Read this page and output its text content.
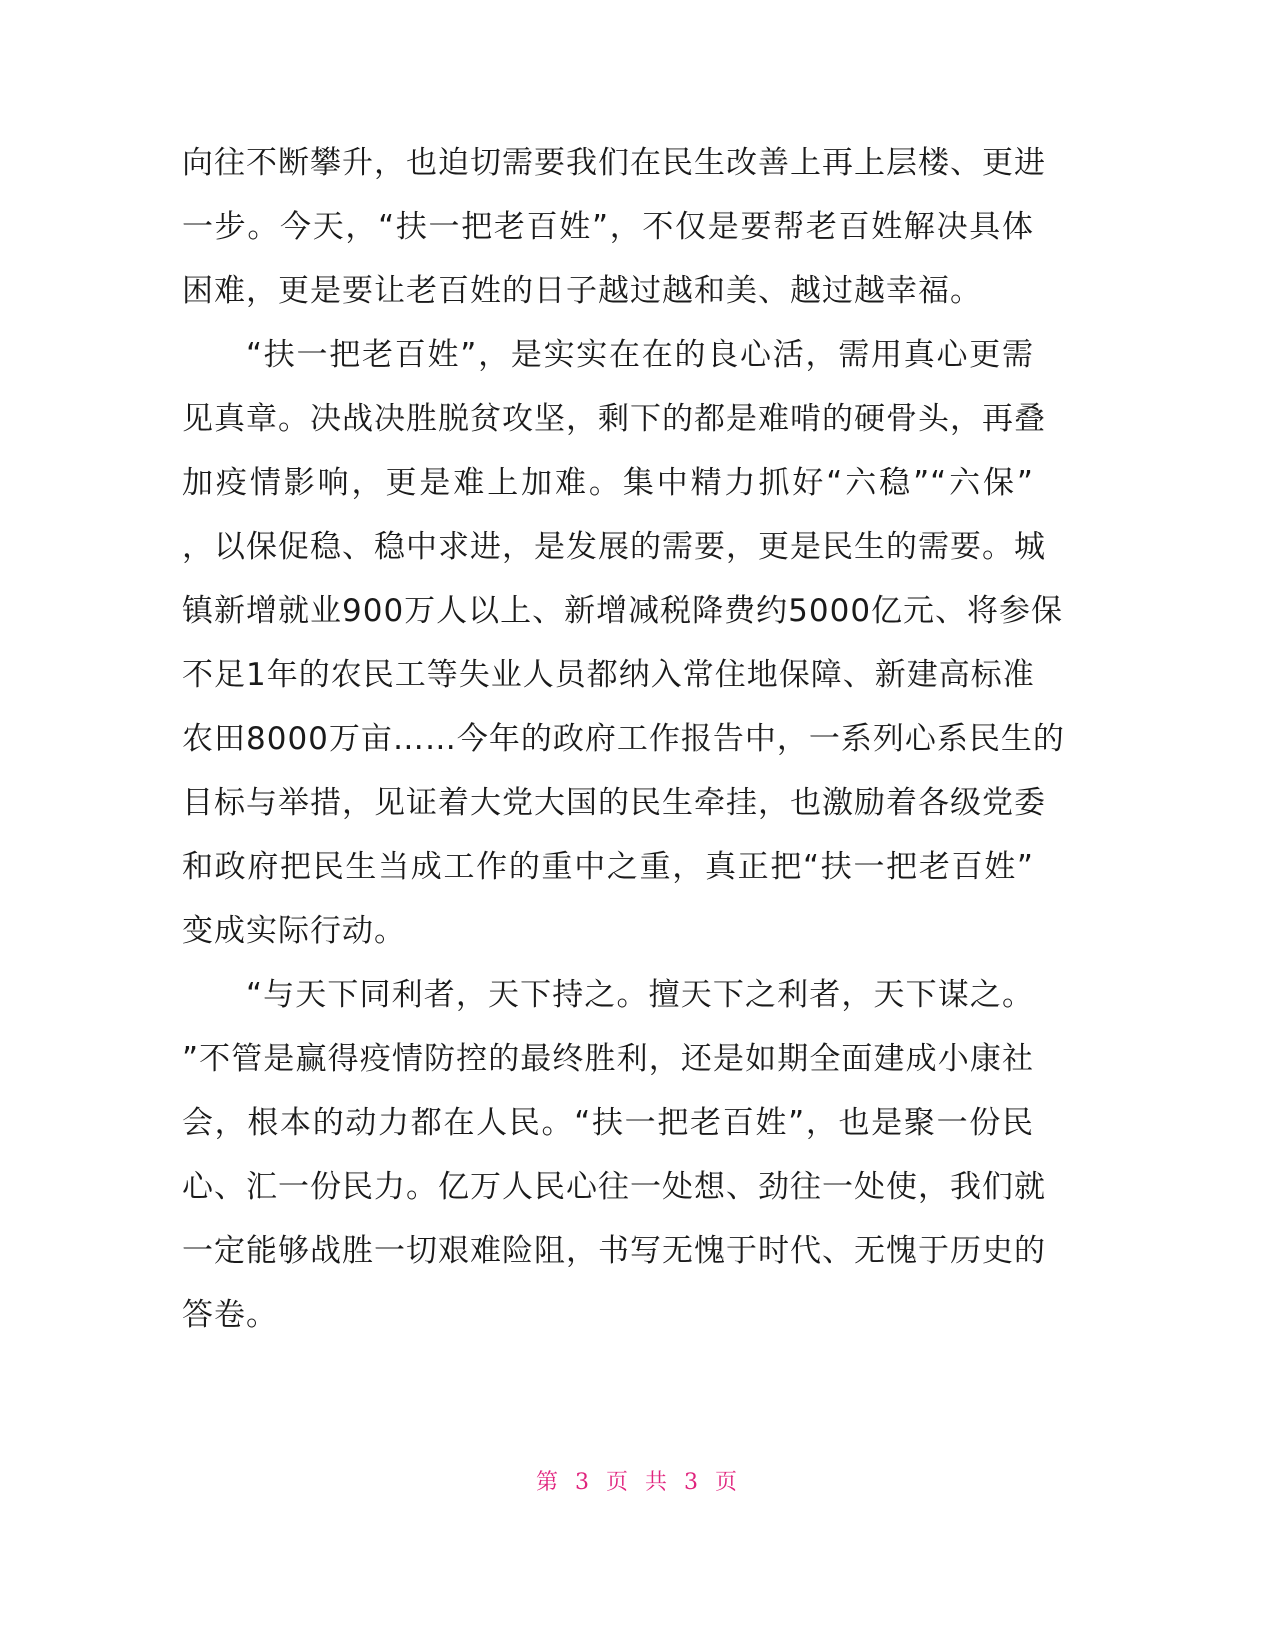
向往不断攀升，也迫切需要我们在民生改善上再上层楼、更进
一步。今天，“扶一把老百姓”，不仅是要帮老百姓解决具体
困难，更是要让老百姓的日子越过越和美、越过越幸福。
“扶一把老百姓”，是实实在在的良心活，需用真心更需
见真章。决战决胜脱贫攻坚，剩下的都是难啃的硬骨头，再叠
加疫情影响，更是难上加难。集中精力抓好“六稳”“六保”
，以保促稳、稳中求进，是发展的需要，更是民生的需要。城
镇新增就业900万人以上、新增减税降费约5000亿元、将参保
不足1年的农民工等失业人员都纳入常住地保障、新建高标准
农田8000万亩……今年的政府工作报告中，一系列心系民生的
目标与举措，见证着大党大国的民生牵挂，也激励着各级党委
和政府把民生当成工作的重中之重，真正把“扶一把老百姓”
变成实际行动。
“与天下同利者，天下持之。擅天下之利者，天下谋之。
”不管是赢得疫情防控的最终胜利，还是如期全面建成小康社
会，根本的动力都在人民。“扶一把老百姓”，也是聚一份民
心、汇一份民力。亿万人民心往一处想、劲往一处使，我们就
一定能够战胜一切艰难险阻，书写无愧于时代、无愧于历史的
答卷。
第 3 页 共 3 页
